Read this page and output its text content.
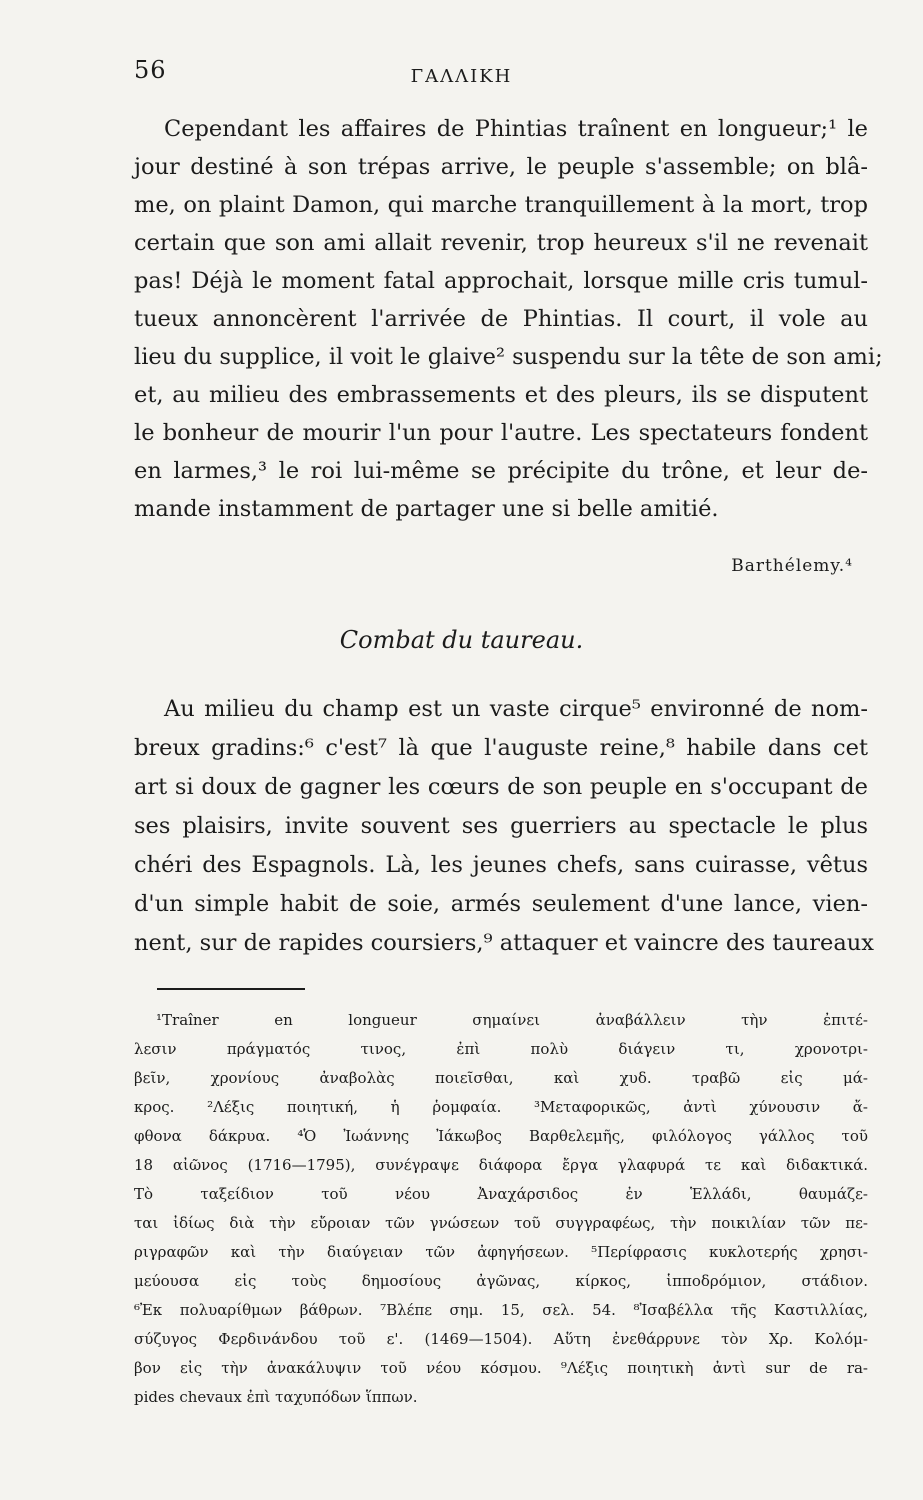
56	ΓΑΛΛΙΚΗ
Cependant les affaires de Phintias traînent en longueur;¹ le
jour destiné à son trépas arrive, le peuple s'assemble; on blâ-
me, on plaint Damon, qui marche tranquillement à la mort, trop
certain que son ami allait revenir, trop heureux s'il ne revenait
pas! Déjà le moment fatal approchait, lorsque mille cris tumul-
tueux annoncèrent l'arrivée de Phintias. Il court, il vole au
lieu du supplice, il voit le glaive² suspendu sur la tête de son ami;
et, au milieu des embrassements et des pleurs, ils se disputent
le bonheur de mourir l'un pour l'autre. Les spectateurs fondent
en larmes,³ le roi lui-même se précipite du trône, et leur de-
mande instamment de partager une si belle amitié.
Barthélemy.⁴
Combat du taureau.
Au milieu du champ est un vaste cirque⁵ environné de nom-
breux gradins:⁶ c'est⁷ là que l'auguste reine,⁸ habile dans cet
art si doux de gagner les cœurs de son peuple en s'occupant de
ses plaisirs, invite souvent ses guerriers au spectacle le plus
chéri des Espagnols. Là, les jeunes chefs, sans cuirasse, vêtus
d'un simple habit de soie, armés seulement d'une lance, vien-
nent, sur de rapides coursiers,⁹ attaquer et vaincre des taureaux
¹Traîner en longueur σημαίνει ἀναβάλλειν τὴν ἐπιτέ-
λεσιν πράγματός τινος, ἐπὶ πολὺ διάγειν τι, χρονοτρι-
βεῖν, χρονίους ἀναβολὰς ποιεῖσθαι, καὶ χυδ. τραβῶ εἰς μά-
κρος. ²Λέξις ποιητική, ἡ ῥομφαία. ³Μεταφορικῶς, ἀντὶ χύνουσιν ἄ-
φθονα δάκρυα. ⁴Ὁ Ἰωάννης Ἰάκωβος Βαρθελεμῆς, φιλόλογος γάλλος τοῦ
18 αἰῶνος (1716—1795), συνέγραψε διάφορα ἔργα γλαφυρά τε καὶ διδακτικά.
Τὸ ταξείδιον τοῦ νέου Ἀναχάρσιδος ἐν Ἑλλάδι, θαυμάζε-
ται ἰδίως διὰ τὴν εὔροιαν τῶν γνώσεων τοῦ συγγραφέως, τὴν ποικιλίαν τῶν πε-
ριγραφῶν καὶ τὴν διαύγειαν τῶν ἀφηγήσεων. ⁵Περίφρασις κυκλοτερής χρησι-
μεύουσα εἰς τοὺς δημοσίους ἀγῶνας, κίρκος, ἱπποδρόμιον, στάδιον.
⁶Ἐκ πολυαρίθμων βάθρων. ⁷Βλέπε σημ. 15, σελ. 54. ⁸Ἰσαβέλλα τῆς Καστιλλίας,
σύζυγος Φερδινάνδου τοῦ ε'. (1469—1504). Αὕτη ἐνεθάρρυνε τὸν Χρ. Κολόμ-
βον εἰς τὴν ἀνακάλυψιν τοῦ νέου κόσμου. ⁹Λέξις ποιητικὴ ἀντὶ sur de ra-
pides chevaux ἐπὶ ταχυπόδων ἵππων.
